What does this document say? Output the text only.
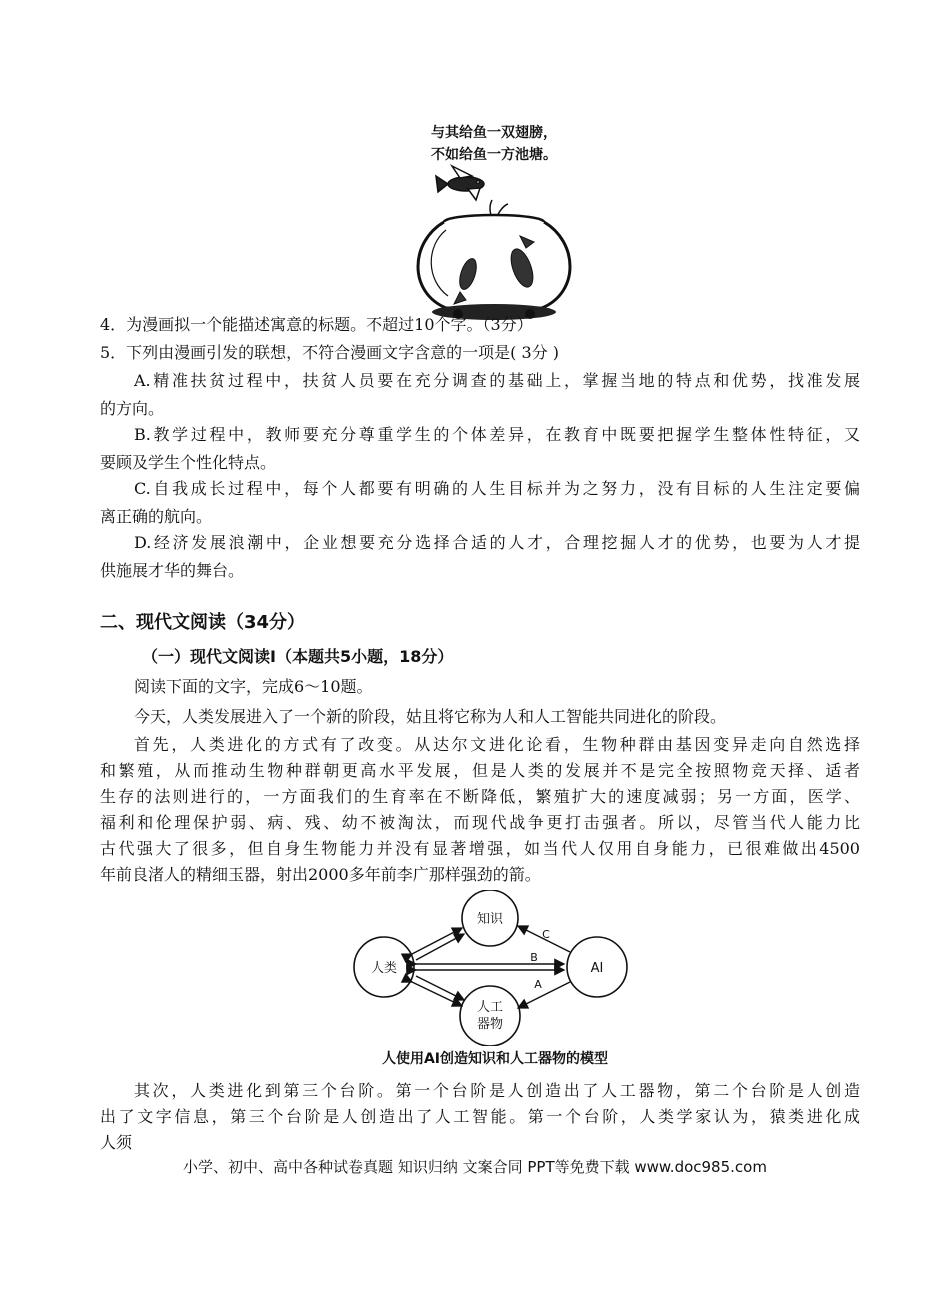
与其给鱼一双翅膀，
不如给鱼一方池塘。
4．为漫画拟一个能描述寓意的标题。不超过10个字。（3分）
5．下列由漫画引发的联想，不符合漫画文字含意的一项是( 3分 )
A.精准扶贫过程中，扶贫人员要在充分调查的基础上，掌握当地的特点和优势，找准发展
的方向。
B.教学过程中，教师要充分尊重学生的个体差异，在教育中既要把握学生整体性特征，又
要顾及学生个性化特点。
C.自我成长过程中，每个人都要有明确的人生目标并为之努力，没有目标的人生注定要偏
离正确的航向。
D.经济发展浪潮中，企业想要充分选择合适的人才，合理挖掘人才的优势，也要为人才提
供施展才华的舞台。
二、现代文阅读（34分）
（一）现代文阅读Ⅰ（本题共5小题，18分）
阅读下面的文字，完成6～10题。
今天，人类发展进入了一个新的阶段，姑且将它称为人和人工智能共同进化的阶段。
首先，人类进化的方式有了改变。从达尔文进化论看，生物种群由基因变异走向自然选择
和繁殖，从而推动生物种群朝更高水平发展，但是人类的发展并不是完全按照物竞天择、适者
生存的法则进行的，一方面我们的生育率在不断降低，繁殖扩大的速度减弱；另一方面，医学、
福利和伦理保护弱、病、残、幼不被淘汰，而现代战争更打击强者。所以，尽管当代人能力比
古代强大了很多，但自身生物能力并没有显著增强，如当代人仅用自身能力，已很难做出4500
年前良渚人的精细玉器，射出2000多年前李广那样强劲的箭。
知识
人类	AI
人工
器物
C
B
A
人使用AI创造知识和人工器物的模型
其次，人类进化到第三个台阶。第一个台阶是人创造出了人工器物，第二个台阶是人创造
出了文字信息，第三个台阶是人创造出了人工智能。第一个台阶，人类学家认为，猿类进化成
人须
小学、初中、高中各种试卷真题 知识归纳 文案合同 PPT等免费下载 www.doc985.com
